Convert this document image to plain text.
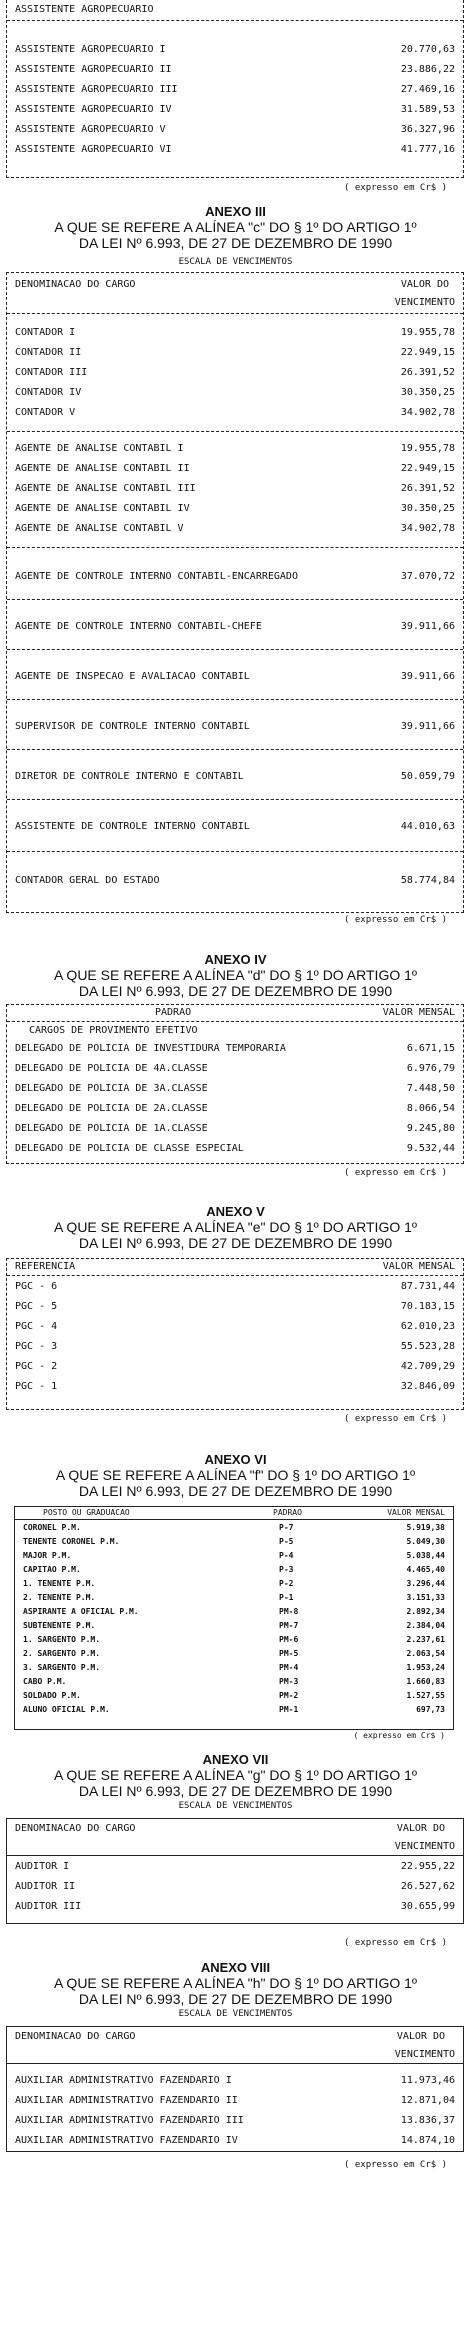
ASSISTENTE AGROPECUARIO
ASSISTENTE AGROPECUARIO I	20.770,63
ASSISTENTE AGROPECUARIO II	23.886,22
ASSISTENTE AGROPECUARIO III	27.469,16
ASSISTENTE AGROPECUARIO IV	31.589,53
ASSISTENTE AGROPECUARIO V	36.327,96
ASSISTENTE AGROPECUARIO VI	41.777,16
( expresso em Cr$ )
ANEXO III
A QUE SE REFERE A ALÍNEA "c" DO § 1º DO ARTIGO 1º
DA LEI Nº 6.993, DE 27 DE DEZEMBRO DE 1990
ESCALA DE VENCIMENTOS
DENOMINACAO DO CARGO	VALOR DO
VENCIMENTO
CONTADOR I	19.955,78
CONTADOR II	22.949,15
CONTADOR III	26.391,52
CONTADOR IV	30.350,25
CONTADOR V	34.902,78
AGENTE DE ANALISE CONTABIL I	19.955,78
AGENTE DE ANALISE CONTABIL II	22.949,15
AGENTE DE ANALISE CONTABIL III	26.391,52
AGENTE DE ANALISE CONTABIL IV	30.350,25
AGENTE DE ANALISE CONTABIL V	34.902,78
AGENTE DE CONTROLE INTERNO CONTABIL-ENCARREGADO	37.070,72
AGENTE DE CONTROLE INTERNO CONTABIL-CHEFE	39.911,66
AGENTE DE INSPECAO E AVALIACAO CONTABIL	39.911,66
SUPERVISOR DE CONTROLE INTERNO CONTABIL	39.911,66
DIRETOR DE CONTROLE INTERNO E CONTABIL	50.059,79
ASSISTENTE DE CONTROLE INTERNO CONTABIL	44.010,63
CONTADOR GERAL DO ESTADO	58.774,84
( expresso em Cr$ )
ANEXO IV
A QUE SE REFERE A ALÍNEA "d" DO § 1º DO ARTIGO 1º
DA LEI Nº 6.993, DE 27 DE DEZEMBRO DE 1990
PADRAO	VALOR MENSAL
CARGOS DE PROVIMENTO EFETIVO
DELEGADO DE POLICIA DE INVESTIDURA TEMPORARIA	6.671,15
DELEGADO DE POLICIA DE 4A.CLASSE	6.976,79
DELEGADO DE POLICIA DE 3A.CLASSE	7.448,50
DELEGADO DE POLICIA DE 2A.CLASSE	8.066,54
DELEGADO DE POLICIA DE 1A.CLASSE	9.245,80
DELEGADO DE POLICIA DE CLASSE ESPECIAL	9.532,44
( expresso em Cr$ )
ANEXO V
A QUE SE REFERE A ALÍNEA "e" DO § 1º DO ARTIGO 1º
DA LEI Nº 6.993, DE 27 DE DEZEMBRO DE 1990
REFERENCIA	VALOR MENSAL
PGC - 6	87.731,44
PGC - 5	70.183,15
PGC - 4	62.010,23
PGC - 3	55.523,28
PGC - 2	42.709,29
PGC - 1	32.846,09
( expresso em Cr$ )
ANEXO VI
A QUE SE REFERE A ALÍNEA "f" DO § 1º DO ARTIGO 1º
DA LEI Nº 6.993, DE 27 DE DEZEMBRO DE 1990
POSTO OU GRADUACAO	PADRAO	VALOR MENSAL
CORONEL P.M.	P-7	5.919,38
TENENTE CORONEL P.M.	P-5	5.049,30
MAJOR P.M.	P-4	5.038,44
CAPITAO P.M.	P-3	4.465,40
1. TENENTE P.M.	P-2	3.296,44
2. TENENTE P.M.	P-1	3.151,33
ASPIRANTE A OFICIAL P.M.	PM-8	2.892,34
SUBTENENTE P.M.	PM-7	2.384,04
1. SARGENTO P.M.	PM-6	2.237,61
2. SARGENTO P.M.	PM-5	2.063,54
3. SARGENTO P.M.	PM-4	1.953,24
CABO P.M.	PM-3	1.660,83
SOLDADO P.M.	PM-2	1.527,55
ALUNO OFICIAL P.M.	PM-1	697,73
( expresso em Cr$ )
ANEXO VII
A QUE SE REFERE A ALÍNEA "g" DO § 1º DO ARTIGO 1º
DA LEI Nº 6.993, DE 27 DE DEZEMBRO DE 1990
ESCALA DE VENCIMENTOS
DENOMINACAO DO CARGO	VALOR DO
VENCIMENTO
AUDITOR I	22.955,22
AUDITOR II	26.527,62
AUDITOR III	30.655,99
( expresso em Cr$ )
ANEXO VIII
A QUE SE REFERE A ALÍNEA "h" DO § 1º DO ARTIGO 1º
DA LEI Nº 6.993, DE 27 DE DEZEMBRO DE 1990
ESCALA DE VENCIMENTOS
DENOMINACAO DO CARGO	VALOR DO
VENCIMENTO
AUXILIAR ADMINISTRATIVO FAZENDARIO I	11.973,46
AUXILIAR ADMINISTRATIVO FAZENDARIO II	12.871,04
AUXILIAR ADMINISTRATIVO FAZENDARIO III	13.836,37
AUXILIAR ADMINISTRATIVO FAZENDARIO IV	14.874,10
( expresso em Cr$ )
